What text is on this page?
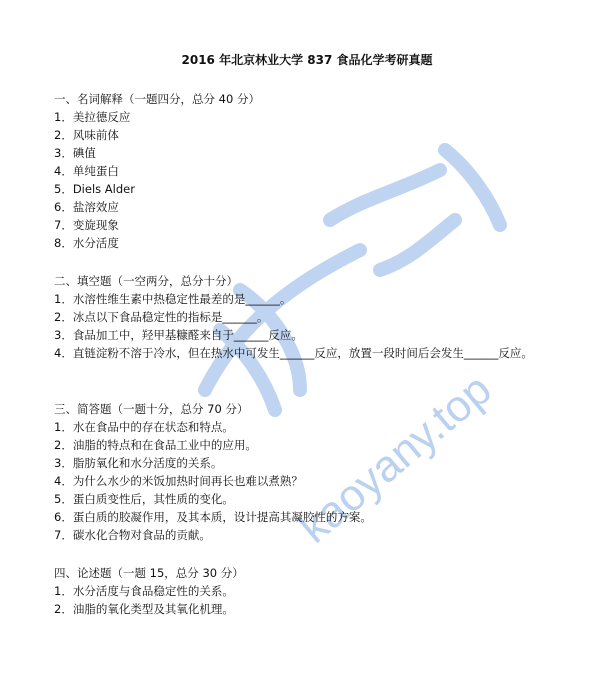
kaoyany.top
2016 年北京林业大学 837 食品化学考研真题
一、名词解释（一题四分，总分 40 分）
1．美拉德反应
2．风味前体
3．碘值
4．单纯蛋白
5．Diels Alder
6．盐溶效应
7．变旋现象
8．水分活度
二、填空题（一空两分，总分十分）
1．水溶性维生素中热稳定性最差的是______。
2．冰点以下食品稳定性的指标是______。
3．食品加工中，羟甲基糠醛来自于______反应。
4．直链淀粉不溶于冷水，但在热水中可发生______反应，放置一段时间后会发生______反应。
三、简答题（一题十分，总分 70 分）
1．水在食品中的存在状态和特点。
2．油脂的特点和在食品工业中的应用。
3．脂肪氧化和水分活度的关系。
4．为什么水少的米饭加热时间再长也难以煮熟？
5．蛋白质变性后，其性质的变化。
6．蛋白质的胶凝作用，及其本质，设计提高其凝胶性的方案。
7．碳水化合物对食品的贡献。
四、论述题（一题 15，总分 30 分）
1．水分活度与食品稳定性的关系。
2．油脂的氧化类型及其氧化机理。
